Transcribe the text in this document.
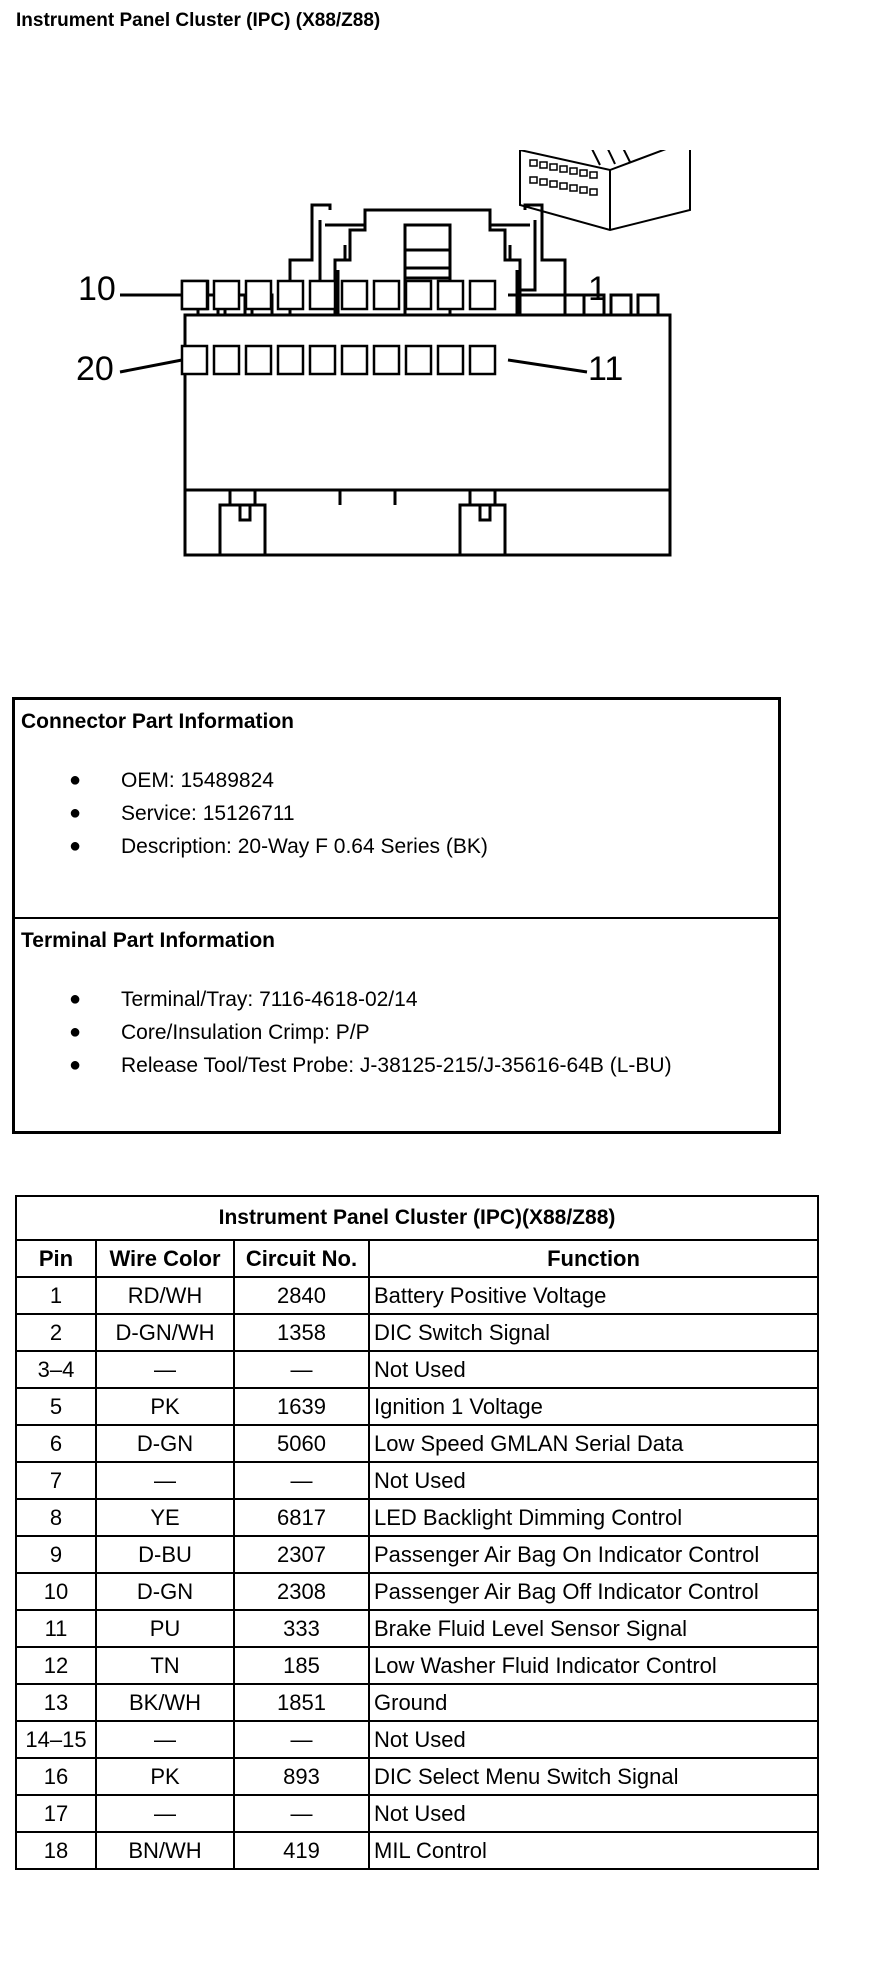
Instrument Panel Cluster (IPC) (X88/Z88)
10	1
20	11
Connector Part Information
● OEM: 15489824
● Service: 15126711
● Description: 20-Way F 0.64 Series (BK)
Terminal Part Information
● Terminal/Tray: 7116-4618-02/14
● Core/Insulation Crimp: P/P
● Release Tool/Test Probe: J-38125-215/J-35616-64B (L-BU)
Instrument Panel Cluster (IPC)(X88/Z88)			
Pin	Wire Color	Circuit No.	Function
1	RD/WH	2840	Battery Positive Voltage
2	D-GN/WH	1358	DIC Switch Signal
3–4	—	—	Not Used
5	PK	1639	Ignition 1 Voltage
6	D-GN	5060	Low Speed GMLAN Serial Data
7	—	—	Not Used
8	YE	6817	LED Backlight Dimming Control
9	D-BU	2307	Passenger Air Bag On Indicator Control
10	D-GN	2308	Passenger Air Bag Off Indicator Control
11	PU	333	Brake Fluid Level Sensor Signal
12	TN	185	Low Washer Fluid Indicator Control
13	BK/WH	1851	Ground
14–15	—	—	Not Used
16	PK	893	DIC Select Menu Switch Signal
17	—	—	Not Used
18	BN/WH	419	MIL Control
